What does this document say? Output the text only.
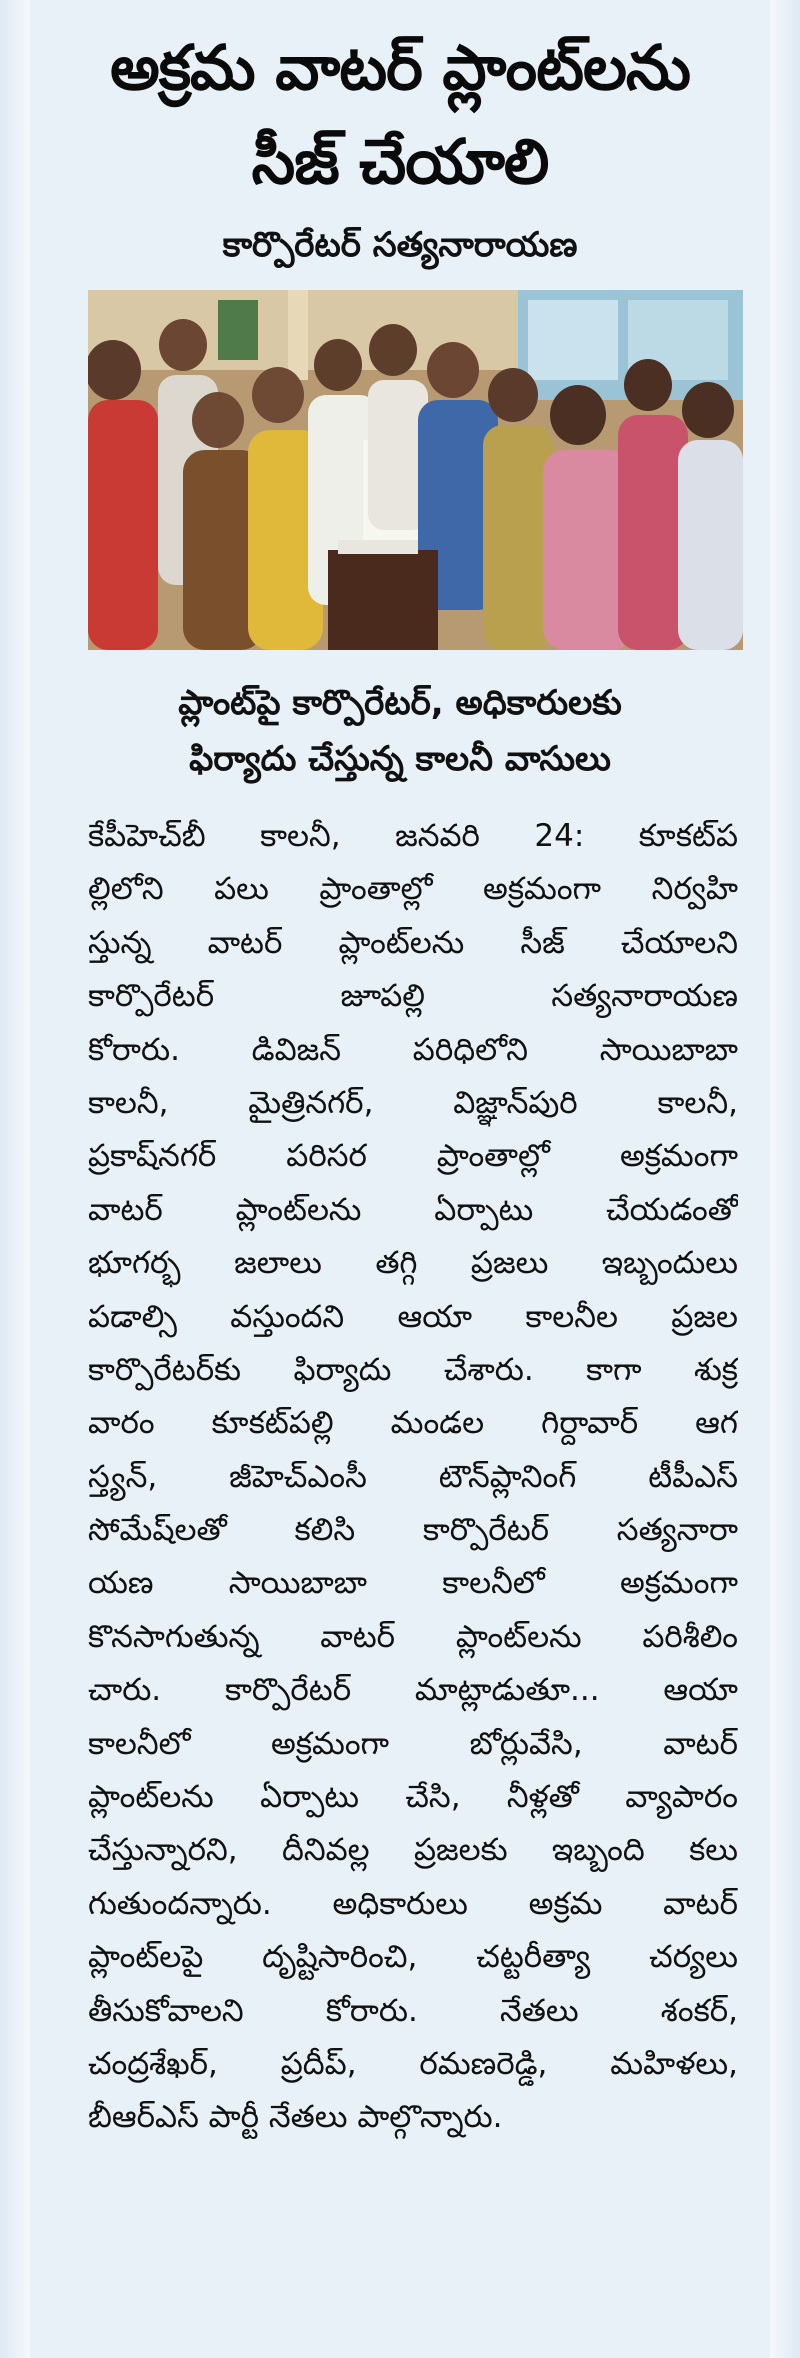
అక్రమ వాటర్ ప్లాంట్‌లను
సీజ్ చేయాలి
కార్పొరేటర్ సత్యనారాయణ
ప్లాంట్‌పై కార్పొరేటర్, అధికారులకు
ఫిర్యాదు చేస్తున్న కాలనీ వాసులు
కేపీహెచ్‌బీ కాలనీ, జనవరి 24: కూకట్‌ప
ల్లిలోని పలు ప్రాంతాల్లో అక్రమంగా నిర్వహి
స్తున్న వాటర్ ప్లాంట్‌లను సీజ్ చేయాలని
కార్పొరేటర్ జూపల్లి సత్యనారాయణ
కోరారు. డివిజన్ పరిధిలోని సాయిబాబా
కాలనీ, మైత్రినగర్, విజ్ఞాన్‌పురి కాలనీ,
ప్రకాష్‌నగర్ పరిసర ప్రాంతాల్లో అక్రమంగా
వాటర్ ప్లాంట్‌లను ఏర్పాటు చేయడంతో
భూగర్భ జలాలు తగ్గి ప్రజలు ఇబ్బందులు
పడాల్సి వస్తుందని ఆయా కాలనీల ప్రజల
కార్పొరేటర్‌కు ఫిర్యాదు చేశారు. కాగా శుక్ర
వారం కూకట్‌పల్లి మండల గిర్దావార్ ఆగ
స్త్యన్, జీహెచ్ఎంసీ టౌన్‌ప్లానింగ్ టీపీఎస్
సోమేష్‌లతో కలిసి కార్పొరేటర్ సత్యనారా
యణ సాయిబాబా కాలనీలో అక్రమంగా
కొనసాగుతున్న వాటర్ ప్లాంట్‌లను పరిశీలిం
చారు. కార్పొరేటర్ మాట్లాడుతూ... ఆయా
కాలనీలో అక్రమంగా బోర్లువేసి, వాటర్
ప్లాంట్‌లను ఏర్పాటు చేసి, నీళ్లతో వ్యాపారం
చేస్తున్నారని, దీనివల్ల ప్రజలకు ఇబ్బంది కలు
గుతుందన్నారు. అధికారులు అక్రమ వాటర్
ప్లాంట్‌లపై దృష్టిసారించి, చట్టరీత్యా చర్యలు
తీసుకోవాలని కోరారు. నేతలు శంకర్,
చంద్రశేఖర్, ప్రదీప్, రమణరెడ్డి, మహిళలు,
బీఆర్ఎస్ పార్టీ నేతలు పాల్గొన్నారు.
